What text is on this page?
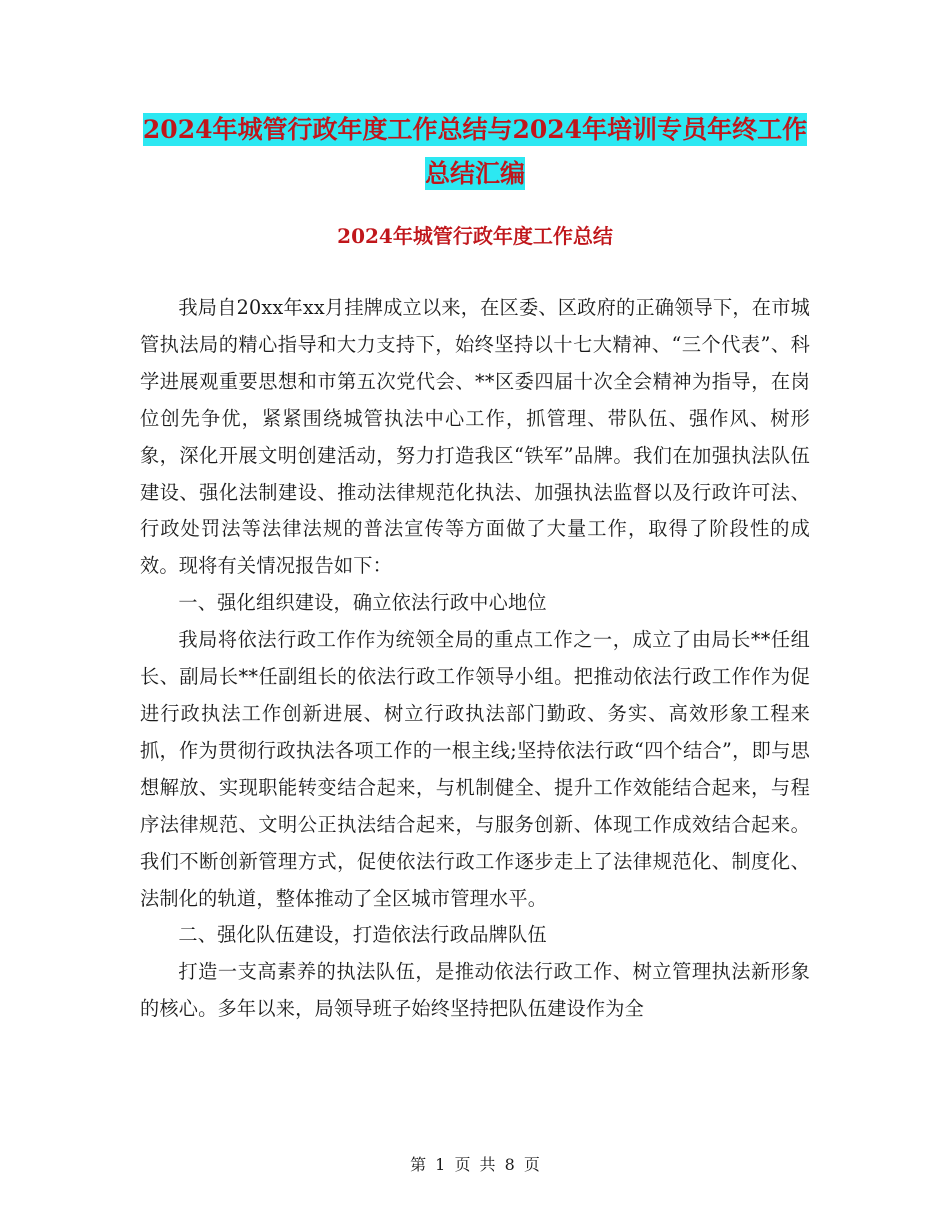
2024年城管行政年度工作总结与2024年培训专员年终工作总结汇编
2024年城管行政年度工作总结

我局自20xx年xx月挂牌成立以来，在区委、区政府的正确领导下，在市城管执法局的精心指导和大力支持下，始终坚持以十七大精神、“三个代表”、科学进展观重要思想和市第五次党代会、**区委四届十次全会精神为指导，在岗位创先争优，紧紧围绕城管执法中心工作，抓管理、带队伍、强作风、树形象，深化开展文明创建活动，努力打造我区“铁军”品牌。我们在加强执法队伍建设、强化法制建设、推动法律规范化执法、加强执法监督以及行政许可法、行政处罚法等法律法规的普法宣传等方面做了大量工作，取得了阶段性的成效。现将有关情况报告如下：

一、强化组织建设，确立依法行政中心地位

我局将依法行政工作作为统领全局的重点工作之一，成立了由局长**任组长、副局长**任副组长的依法行政工作领导小组。把推动依法行政工作作为促进行政执法工作创新进展、树立行政执法部门勤政、务实、高效形象工程来抓，作为贯彻行政执法各项工作的一根主线;坚持依法行政“四个结合”，即与思想解放、实现职能转变结合起来，与机制健全、提升工作效能结合起来，与程序法律规范、文明公正执法结合起来，与服务创新、体现工作成效结合起来。我们不断创新管理方式，促使依法行政工作逐步走上了法律规范化、制度化、法制化的轨道，整体推动了全区城市管理水平。

二、强化队伍建设，打造依法行政品牌队伍

打造一支高素养的执法队伍，是推动依法行政工作、树立管理执法新形象的核心。多年以来，局领导班子始终坚持把队伍建设作为全

第 1 页 共 8 页
